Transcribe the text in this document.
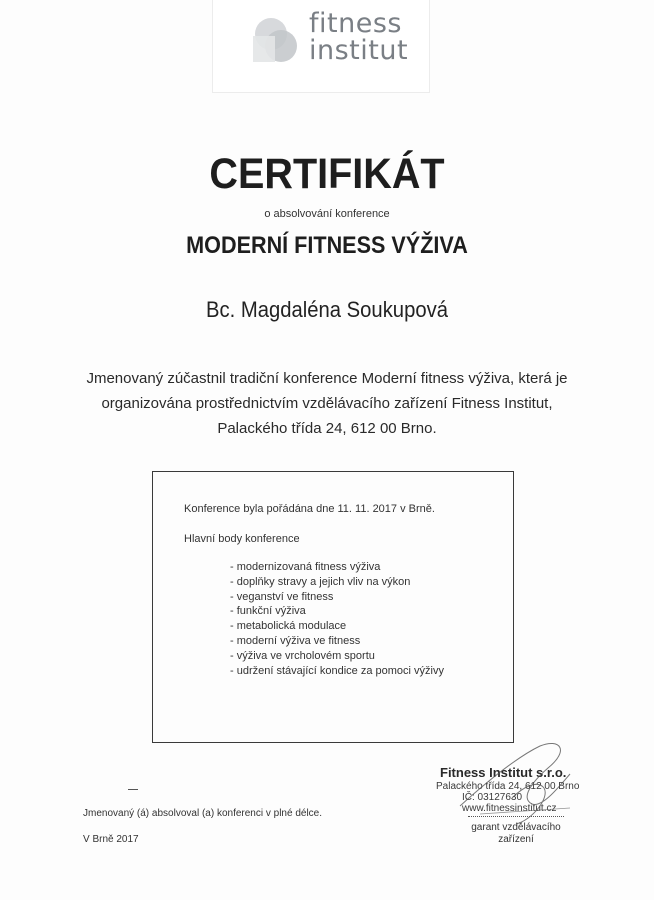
fitness
institut
CERTIFIKÁT
o absolvování konference
MODERNÍ FITNESS VÝŽIVA
Bc. Magdaléna Soukupová
Jmenovaný zúčastnil tradiční konference Moderní fitness výživa, která je
organizována prostřednictvím vzdělávacího zařízení Fitness Institut,
Palackého třída 24, 612 00 Brno.
Konference byla pořádána dne 11. 11. 2017 v Brně.
Hlavní body konference
- modernizovaná fitness výživa
- doplňky stravy a jejich vliv na výkon
- veganství ve fitness
- funkční výživa
- metabolická modulace
- moderní výživa ve fitness
- výživa ve vrcholovém sportu
- udržení stávající kondice za pomoci výživy
Jmenovaný (á) absolvoval (a) konferenci v plné délce.
V Brně 2017
Fitness Institut s.r.o.
Palackého třída 24, 612 00 Brno
IČ: 03127630
www.fitnessinstitut.cz
garant vzdělávacího
zařízení
